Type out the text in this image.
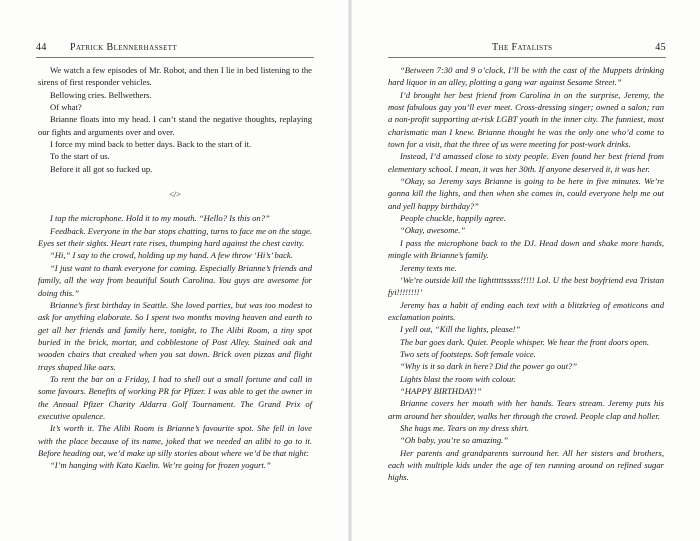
44 Patrick Blennerhassett

We watch a few episodes of Mr. Robot, and then I lie in bed listening to the sirens of first responder vehicles.

Bellowing cries. Bellwethers.

Of what?

Brianne floats into my head. I can’t stand the negative thoughts, replaying our fights and arguments over and over.

I force my mind back to better days. Back to the start of it.

To the start of us.

Before it all got so fucked up.

</>

I tap the microphone. Hold it to my mouth. “Hello? Is this on?”

Feedback. Everyone in the bar stops chatting, turns to face me on the stage. Eyes set their sights. Heart rate rises, thumping hard against the chest cavity.

“Hi,” I say to the crowd, holding up my hand. A few throw ‘Hi’s’ back.

“I just want to thank everyone for coming. Especially Brianne’s friends and family, all the way from beautiful South Carolina. You guys are awesome for doing this.”

Brianne’s first birthday in Seattle. She loved parties, but was too modest to ask for anything elaborate. So I spent two months moving heaven and earth to get all her friends and family here, tonight, to The Alibi Room, a tiny spot buried in the brick, mortar, and cobblestone of Post Alley. Stained oak and wooden chairs that creaked when you sat down. Brick oven pizzas and flight trays shaped like oars.

To rent the bar on a Friday, I had to shell out a small fortune and call in some favours. Benefits of working PR for Pfizer. I was able to get the owner in the Annual Pfizer Charity Aldarra Golf Tournament. The Grand Prix of executive opulence.

It’s worth it. The Alibi Room is Brianne’s favourite spot. She fell in love with the place because of its name, joked that we needed an alibi to go to it. Before heading out, we’d make up silly stories about where we’d be that night:

“I’m hanging with Kato Kaelin. We’re going for frozen yogurt.”

The Fatalists	45

“Between 7:30 and 9 o’clock, I’ll be with the cast of the Muppets drinking hard liquor in an alley, plotting a gang war against Sesame Street.”

I’d brought her best friend from Carolina in on the surprise, Jeremy, the most fabulous gay you’ll ever meet. Cross-dressing singer; owned a salon; ran a non-profit supporting at-risk LGBT youth in the inner city. The funniest, most charismatic man I knew. Brianne thought he was the only one who’d come to town for a visit, that the three of us were meeting for post-work drinks.

Instead, I’d amassed close to sixty people. Even found her best friend from elementary school. I mean, it was her 30th. If anyone deserved it, it was her.

“Okay, so Jeremy says Brianne is going to be here in five minutes. We’re gonna kill the lights, and then when she comes in, could everyone help me out and yell happy birthday?”

People chuckle, happily agree.

“Okay, awesome.”

I pass the microphone back to the DJ. Head down and shake more hands, mingle with Brianne’s family.

Jeremy texts me.

‘We’re outside kill the lightttttsssss!!!!! Lol. U the best boyfriend eva Tristan fyi!!!!!!!!’

Jeremy has a habit of ending each text with a blitzkrieg of emoticons and exclamation points.

I yell out, “Kill the lights, please!”

The bar goes dark. Quiet. People whisper. We hear the front doors open.

Two sets of footsteps. Soft female voice.

“Why is it so dark in here? Did the power go out?”

Lights blast the room with colour.

“HAPPY BIRTHDAY!”

Brianne covers her mouth with her hands. Tears stream. Jeremy puts his arm around her shoulder, walks her through the crowd. People clap and holler.

She hugs me. Tears on my dress shirt.

“Oh baby, you’re so amazing.”

Her parents and grandparents surround her. All her sisters and brothers, each with multiple kids under the age of ten running around on refined sugar highs.
